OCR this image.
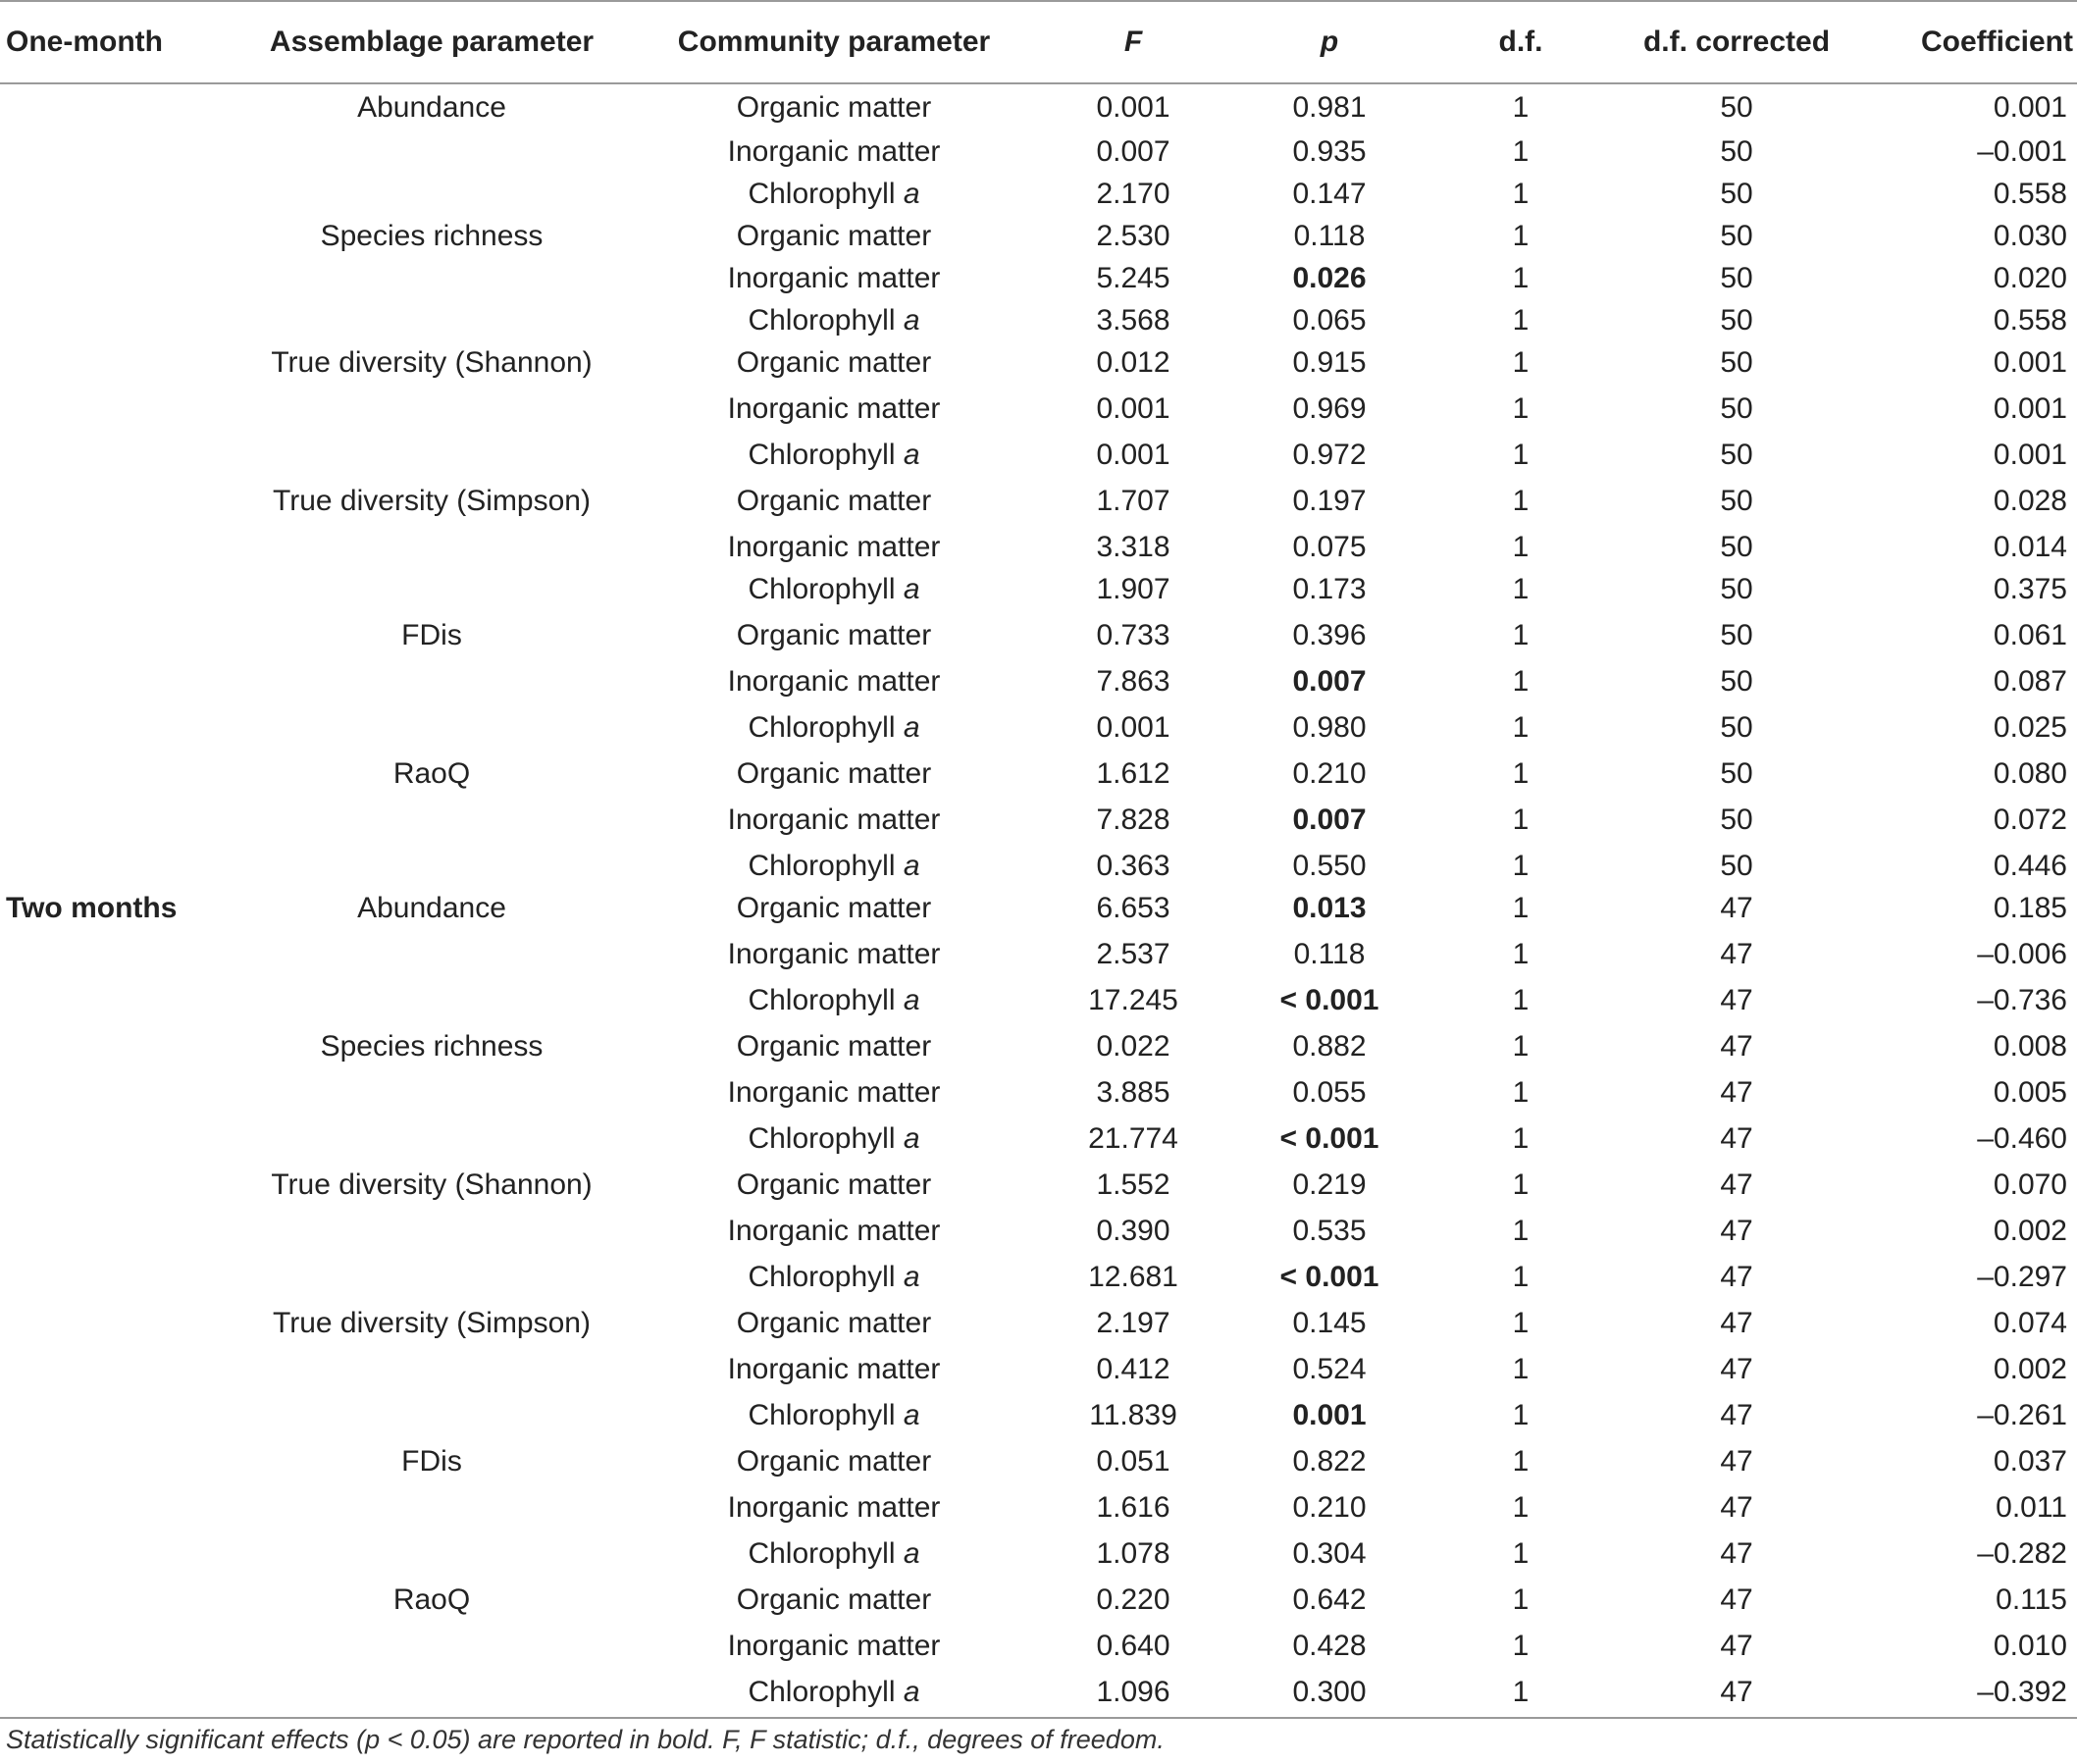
One-month	Assemblage parameter	Community parameter	F	p	d.f.	d.f. corrected	Coefficient
	Abundance	Organic matter	0.001	0.981	1	50	0.001
		Inorganic matter	0.007	0.935	1	50	–0.001
		Chlorophyll a	2.170	0.147	1	50	0.558
	Species richness	Organic matter	2.530	0.118	1	50	0.030
		Inorganic matter	5.245	0.026	1	50	0.020
		Chlorophyll a	3.568	0.065	1	50	0.558
	True diversity (Shannon)	Organic matter	0.012	0.915	1	50	0.001
		Inorganic matter	0.001	0.969	1	50	0.001
		Chlorophyll a	0.001	0.972	1	50	0.001
	True diversity (Simpson)	Organic matter	1.707	0.197	1	50	0.028
		Inorganic matter	3.318	0.075	1	50	0.014
		Chlorophyll a	1.907	0.173	1	50	0.375
	FDis	Organic matter	0.733	0.396	1	50	0.061
		Inorganic matter	7.863	0.007	1	50	0.087
		Chlorophyll a	0.001	0.980	1	50	0.025
	RaoQ	Organic matter	1.612	0.210	1	50	0.080
		Inorganic matter	7.828	0.007	1	50	0.072
		Chlorophyll a	0.363	0.550	1	50	0.446
Two months	Abundance	Organic matter	6.653	0.013	1	47	0.185
		Inorganic matter	2.537	0.118	1	47	–0.006
		Chlorophyll a	17.245	< 0.001	1	47	–0.736
	Species richness	Organic matter	0.022	0.882	1	47	0.008
		Inorganic matter	3.885	0.055	1	47	0.005
		Chlorophyll a	21.774	< 0.001	1	47	–0.460
	True diversity (Shannon)	Organic matter	1.552	0.219	1	47	0.070
		Inorganic matter	0.390	0.535	1	47	0.002
		Chlorophyll a	12.681	< 0.001	1	47	–0.297
	True diversity (Simpson)	Organic matter	2.197	0.145	1	47	0.074
		Inorganic matter	0.412	0.524	1	47	0.002
		Chlorophyll a	11.839	0.001	1	47	–0.261
	FDis	Organic matter	0.051	0.822	1	47	0.037
		Inorganic matter	1.616	0.210	1	47	0.011
		Chlorophyll a	1.078	0.304	1	47	–0.282
	RaoQ	Organic matter	0.220	0.642	1	47	0.115
		Inorganic matter	0.640	0.428	1	47	0.010
		Chlorophyll a	1.096	0.300	1	47	–0.392
Statistically significant effects (p < 0.05) are reported in bold. F, F statistic; d.f., degrees of freedom.
